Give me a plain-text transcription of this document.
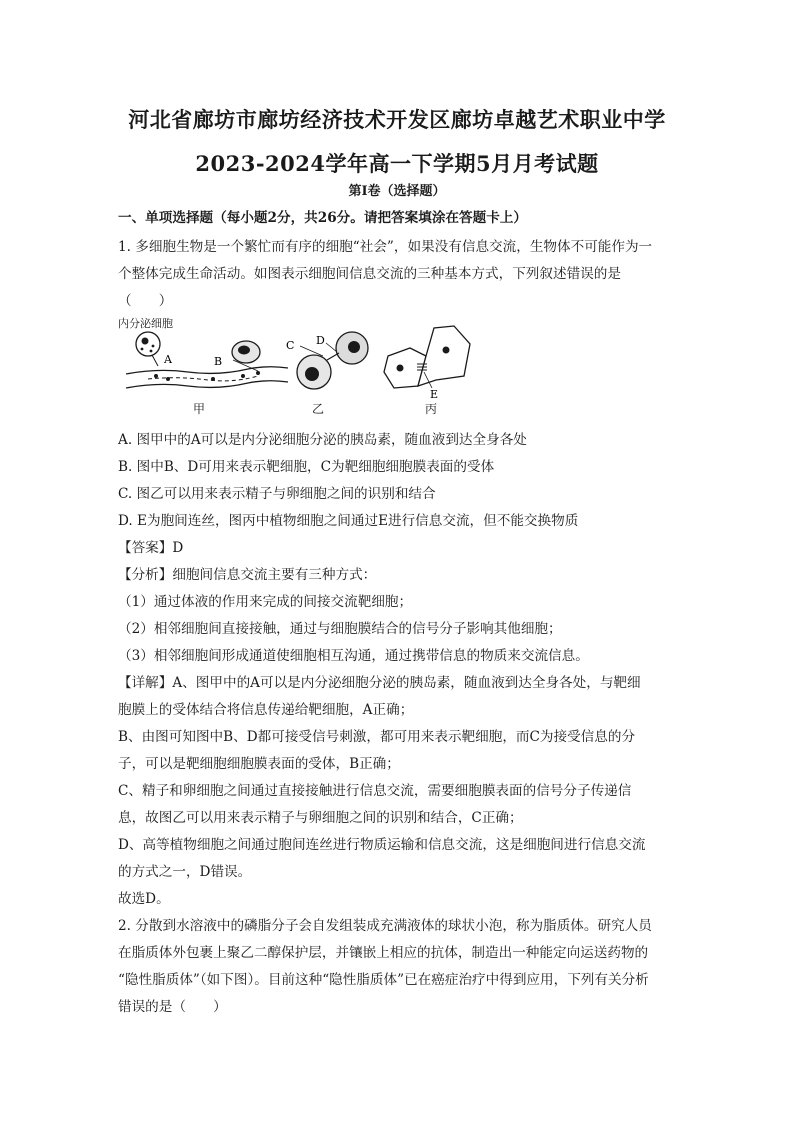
河北省廊坊市廊坊经济技术开发区廊坊卓越艺术职业中学
2023-2024学年高一下学期5月月考试题
第I卷（选择题）
一、单项选择题（每小题2分，共26分。请把答案填涂在答题卡上）
1. 多细胞生物是一个繁忙而有序的细胞“社会”，如果没有信息交流，生物体不可能作为一
个整体完成生命活动。如图表示细胞间信息交流的三种基本方式，下列叙述错误的是
（　　）
内分泌细胞
A	B
C D
E
甲	乙	丙
A. 图甲中的A可以是内分泌细胞分泌的胰岛素，随血液到达全身各处
B. 图中B、D可用来表示靶细胞，C为靶细胞细胞膜表面的受体
C. 图乙可以用来表示精子与卵细胞之间的识别和结合
D. E为胞间连丝，图丙中植物细胞之间通过E进行信息交流，但不能交换物质
【答案】D
【分析】细胞间信息交流主要有三种方式：
（1）通过体液的作用来完成的间接交流靶细胞；
（2）相邻细胞间直接接触，通过与细胞膜结合的信号分子影响其他细胞；
（3）相邻细胞间形成通道使细胞相互沟通，通过携带信息的物质来交流信息。
【详解】A、图甲中的A可以是内分泌细胞分泌的胰岛素，随血液到达全身各处，与靶细
胞膜上的受体结合将信息传递给靶细胞，A正确；
B、由图可知图中B、D都可接受信号刺激，都可用来表示靶细胞，而C为接受信息的分
子，可以是靶细胞细胞膜表面的受体，B正确；
C、精子和卵细胞之间通过直接接触进行信息交流，需要细胞膜表面的信号分子传递信
息，故图乙可以用来表示精子与卵细胞之间的识别和结合，C正确；
D、高等植物细胞之间通过胞间连丝进行物质运输和信息交流，这是细胞间进行信息交流
的方式之一，D错误。
故选D。
2. 分散到水溶液中的磷脂分子会自发组装成充满液体的球状小泡，称为脂质体。研究人员
在脂质体外包裹上聚乙二醇保护层，并镶嵌上相应的抗体，制造出一种能定向运送药物的
“隐性脂质体”（如下图）。目前这种“隐性脂质体”已在癌症治疗中得到应用，下列有关分析
错误的是（　　）
